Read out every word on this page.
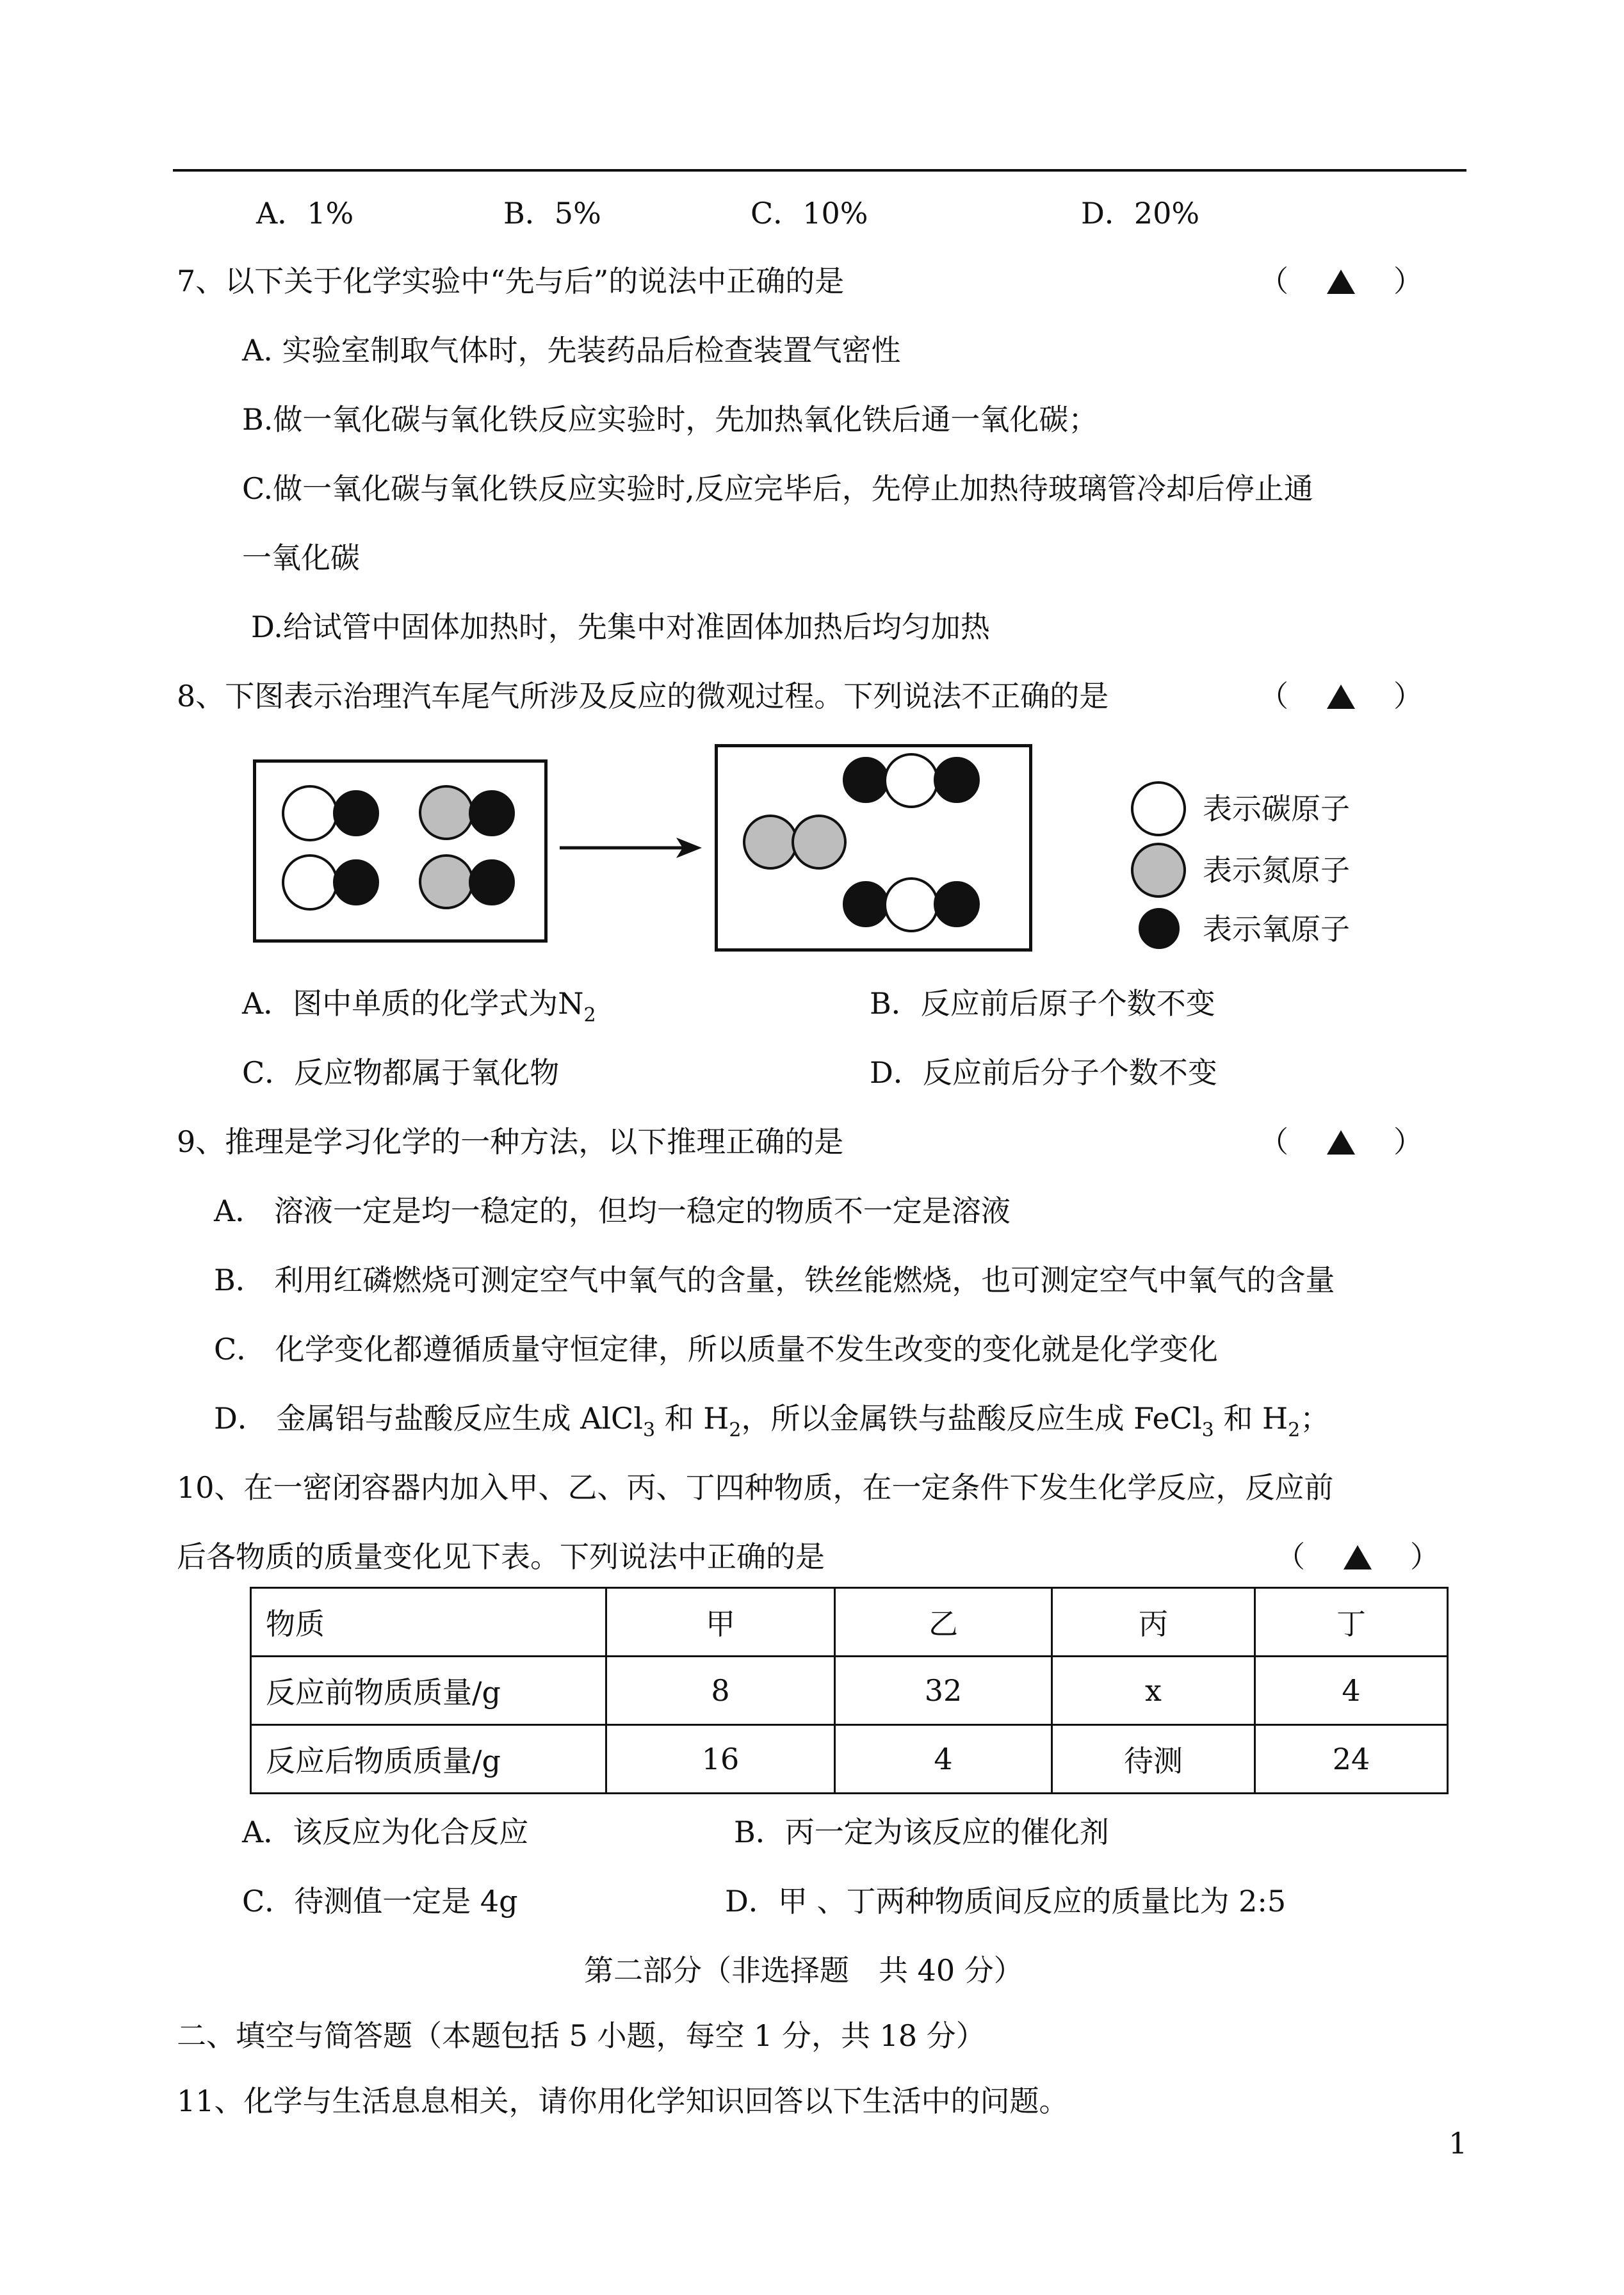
A．1%	B．5%	C．10%	D．20%
7、以下关于化学实验中“先与后”的说法中正确的是	（	）
A. 实验室制取气体时，先装药品后检查装置气密性
B.做一氧化碳与氧化铁反应实验时，先加热氧化铁后通一氧化碳；
C.做一氧化碳与氧化铁反应实验时,反应完毕后，先停止加热待玻璃管冷却后停止通
一氧化碳
D.给试管中固体加热时，先集中对准固体加热后均匀加热
8、下图表示治理汽车尾气所涉及反应的微观过程。下列说法不正确的是	（	）
表示碳原子
表示氮原子
表示氧原子
A．图中单质的化学式为$N_2$	B．反应前后原子个数不变
C．反应物都属于氧化物	D．反应前后分子个数不变
9、推理是学习化学的一种方法，以下推理正确的是	（	）
A． 溶液一定是均一稳定的，但均一稳定的物质不一定是溶液
B． 利用红磷燃烧可测定空气中氧气的含量，铁丝能燃烧，也可测定空气中氧气的含量
C． 化学变化都遵循质量守恒定律，所以质量不发生改变的变化就是化学变化
D． 金属铝与盐酸反应生成 AlCl$_3$ 和 $H_2$，所以金属铁与盐酸反应生成 FeCl$_3$ 和 $H_2$；
10、在一密闭容器内加入甲、乙、丙、丁四种物质，在一定条件下发生化学反应，反应前
后各物质的质量变化见下表。下列说法中正确的是	（	）
物质	甲	乙	丙	丁
反应前物质质量/g	8	32	x	4
反应后物质质量/g	16	4	待测	24
A．该反应为化合反应	B．丙一定为该反应的催化剂
C．待测值一定是 4g	D．甲 、丁两种物质间反应的质量比为 2:5
第二部分（非选择题　共 40 分）
二、填空与简答题（本题包括 5 小题，每空 1 分，共 18 分）
11、化学与生活息息相关，请你用化学知识回答以下生活中的问题。
1
